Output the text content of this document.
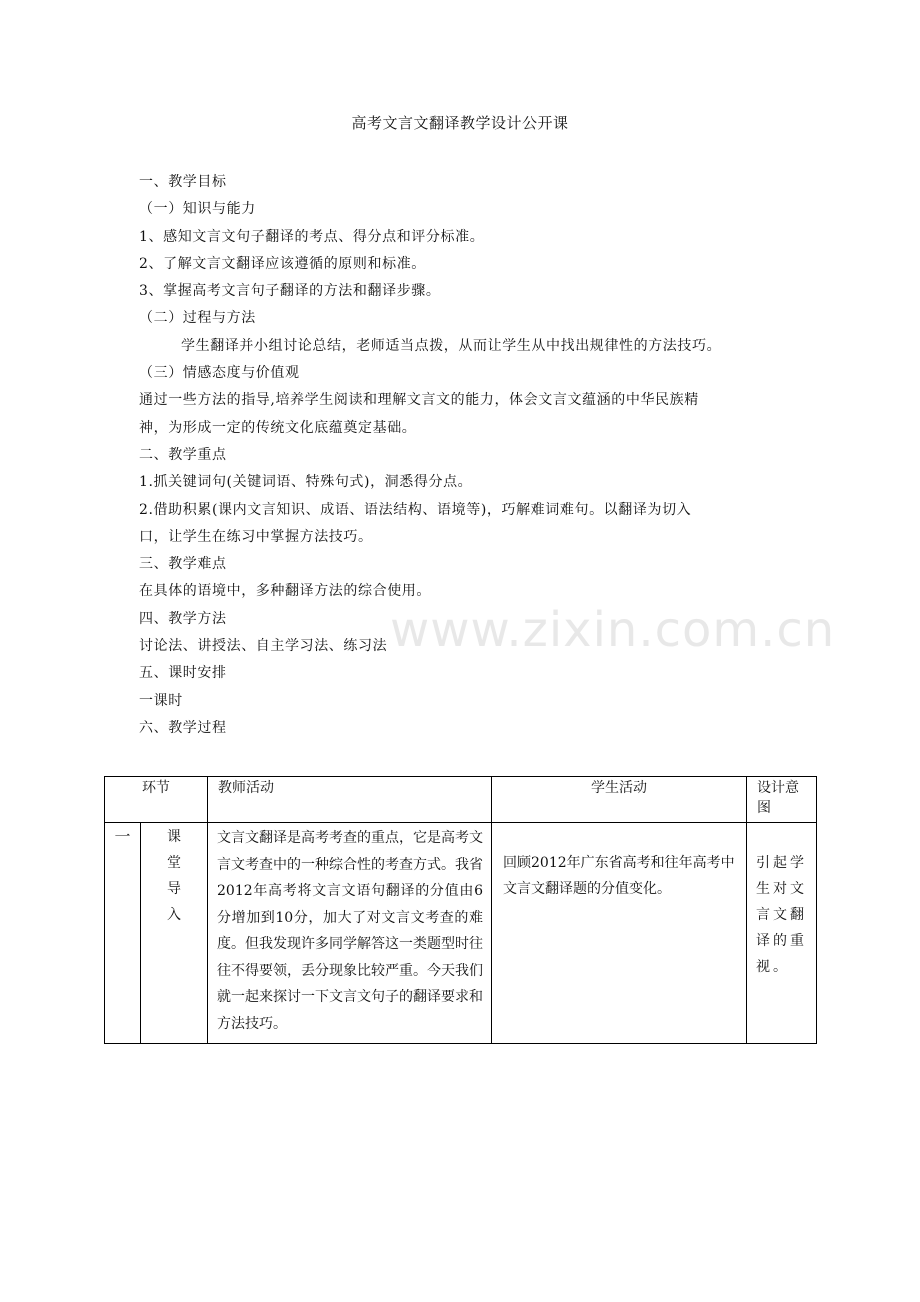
高考文言文翻译教学设计公开课
一、教学目标
（一）知识与能力
1、感知文言文句子翻译的考点、得分点和评分标准。
2、了解文言文翻译应该遵循的原则和标准。
3、掌握高考文言句子翻译的方法和翻译步骤。
（二）过程与方法
学生翻译并小组讨论总结，老师适当点拨，从而让学生从中找出规律性的方法技巧。
（三）情感态度与价值观
通过一些方法的指导,培养学生阅读和理解文言文的能力，体会文言文蕴涵的中华民族精
神，为形成一定的传统文化底蕴奠定基础。
二、教学重点
1.抓关键词句(关键词语、特殊句式)，洞悉得分点。
2.借助积累(课内文言知识、成语、语法结构、语境等)，巧解难词难句。以翻译为切入
口，让学生在练习中掌握方法技巧。
三、教学难点
在具体的语境中，多种翻译方法的综合使用。
四、教学方法
讨论法、讲授法、自主学习法、练习法
五、课时安排
一课时
六、教学过程
www.zixin.com.cn
环节		教师活动	学生活动	设计意图
一	课堂导入	文言文翻译是高考考查的重点，它是高考文言文考查中的一种综合性的考查方式。我省2012年高考将文言文语句翻译的分值由6分增加到10分，加大了对文言文考查的难度。但我发现许多同学解答这一类题型时往往不得要领，丢分现象比较严重。今天我们就一起来探讨一下文言文句子的翻译要求和方法技巧。	回顾2012年广东省高考和往年高考中文言文翻译题的分值变化。	引起学生对文言文翻译的重视。
